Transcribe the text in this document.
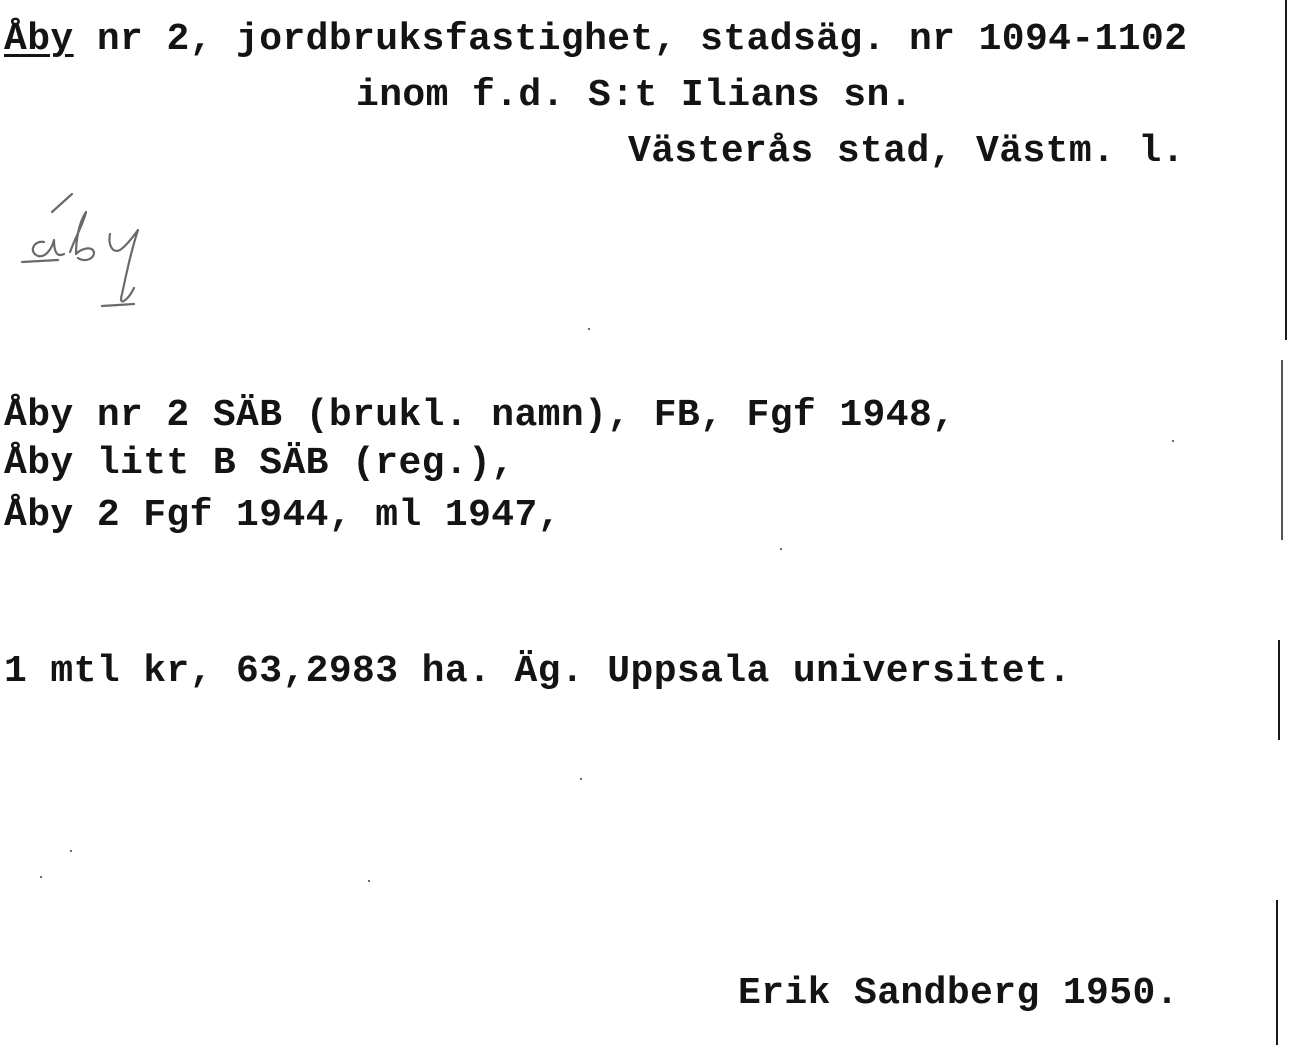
Åby nr 2, jordbruksfastighet, stadsäg. nr 1094-1102
inom f.d. S:t Ilians sn.
Västerås stad, Västm. l.
åby
Åby nr 2 SÄB (brukl. namn), FB, Fgf 1948,
Åby litt B SÄB (reg.),
Åby 2 Fgf 1944, ml 1947,
1 mtl kr, 63,2983 ha. Äg. Uppsala universitet.
Erik Sandberg 1950.
